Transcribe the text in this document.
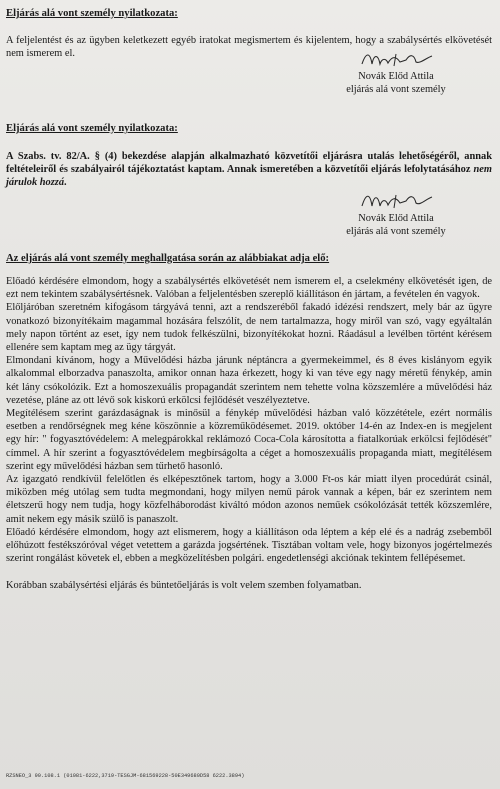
Eljárás alá vont személy nyilatkozata:

A feljelentést és az ügyben keletkezett egyéb iratokat megismertem és kijelentem, hogy a szabálysértés elkövetését nem ismerem el.

Novák Előd Attila
eljárás alá vont személy

Eljárás alá vont személy nyilatkozata:

A Szabs. tv. 82/A. § (4) bekezdése alapján alkalmazható közvetítői eljárásra utalás lehetőségéről, annak feltételeiről és szabályairól tájékoztatást kaptam. Annak ismeretében a közvetítői eljárás lefolytatásához nem járulok hozzá.

Novák Előd Attila
eljárás alá vont személy

Az eljárás alá vont személy meghallgatása során az alábbiakat adja elő:

Előadó kérdésére elmondom, hogy a szabálysértés elkövetését nem ismerem el, a cselekmény elkövetését igen, de ezt nem tekintem szabálysértésnek. Valóban a feljelentésben szereplő kiállításon én jártam, a fevételen én vagyok.

Előljáróban szeretném kifogásom tárgyává tenni, azt a rendszeréből fakadó idézési rendszert, mely bár az ügyre vonatkozó bizonyítékaim magammal hozására felszólít, de nem tartalmazza, hogy miről van szó, vagy egyáltalán mely napon történt az eset, így nem tudok felkészülni, bizonyítékokat hozni. Ráadásul a levélben történt kérésem ellenére sem kaptam meg az ügy tárgyát.

Elmondani kívánom, hogy a Művelődési házba járunk néptáncra a gyermekeimmel, és 8 éves kislányom egyik alkalommal elborzadva panaszolta, amikor onnan haza érkezett, hogy ki van téve egy nagy méretű fénykép, amin két lány csókolózik. Ezt a homoszexuális propagandát szerintem nem tehette volna közszemlére a művelődési ház vezetése, pláne az ott lévő sok kiskorú erkölcsi fejlődését veszélyeztetve.

Megítélésem szerint garázdaságnak is minősül a fénykép művelődési házban való közzététele, ezért normális esetben a rendőrségnek meg kéne köszönnie a közreműködésemet. 2019. október 14-én az Index-en is megjelent egy hír: " fogyasztóvédelem: A melegpárokkal reklámozó Coca-Cola károsította a fiatalkorúak erkölcsi fejlődését" címmel. A hír szerint a fogyasztóvédelem megbírságolta a céget a homoszexuális propaganda miatt, megítélésem szerint egy művelődési házban sem tűrhető hasonló.

Az igazgató rendkívül felelőtlen és elképesztőnek tartom, hogy a 3.000 Ft-os kár miatt ilyen procedúrát csinál, miközben még utólag sem tudta megmondani, hogy milyen nemű párok vannak a képen, bár ez szerintem nem életszerű hogy nem tudja, hogy közfelháborodást kiváltó módon azonos neműek csókolózását tették közszemlére, amit nekem egy másik szülő is panaszolt.

Előadó kérdésére elmondom, hogy azt elismerem, hogy a kiállításon oda léptem a kép elé és a nadrág zsebemből előhúzott festékszóróval véget vetettem a garázda jogsértének. Tisztában voltam vele, hogy bizonyos jogértelmezés szerint rongálást követek el, ebben a megközelítésben polgári. engedetlenségi akciónak tekintem fellépésemet.

Korábban szabálysértési eljárás és büntetőeljárás is volt velem szemben folyamatban.

RZSNEO_3 90.108.1 (01081-6222,3719-TESGJM-681569228-50E349680D58 6222.3894)
